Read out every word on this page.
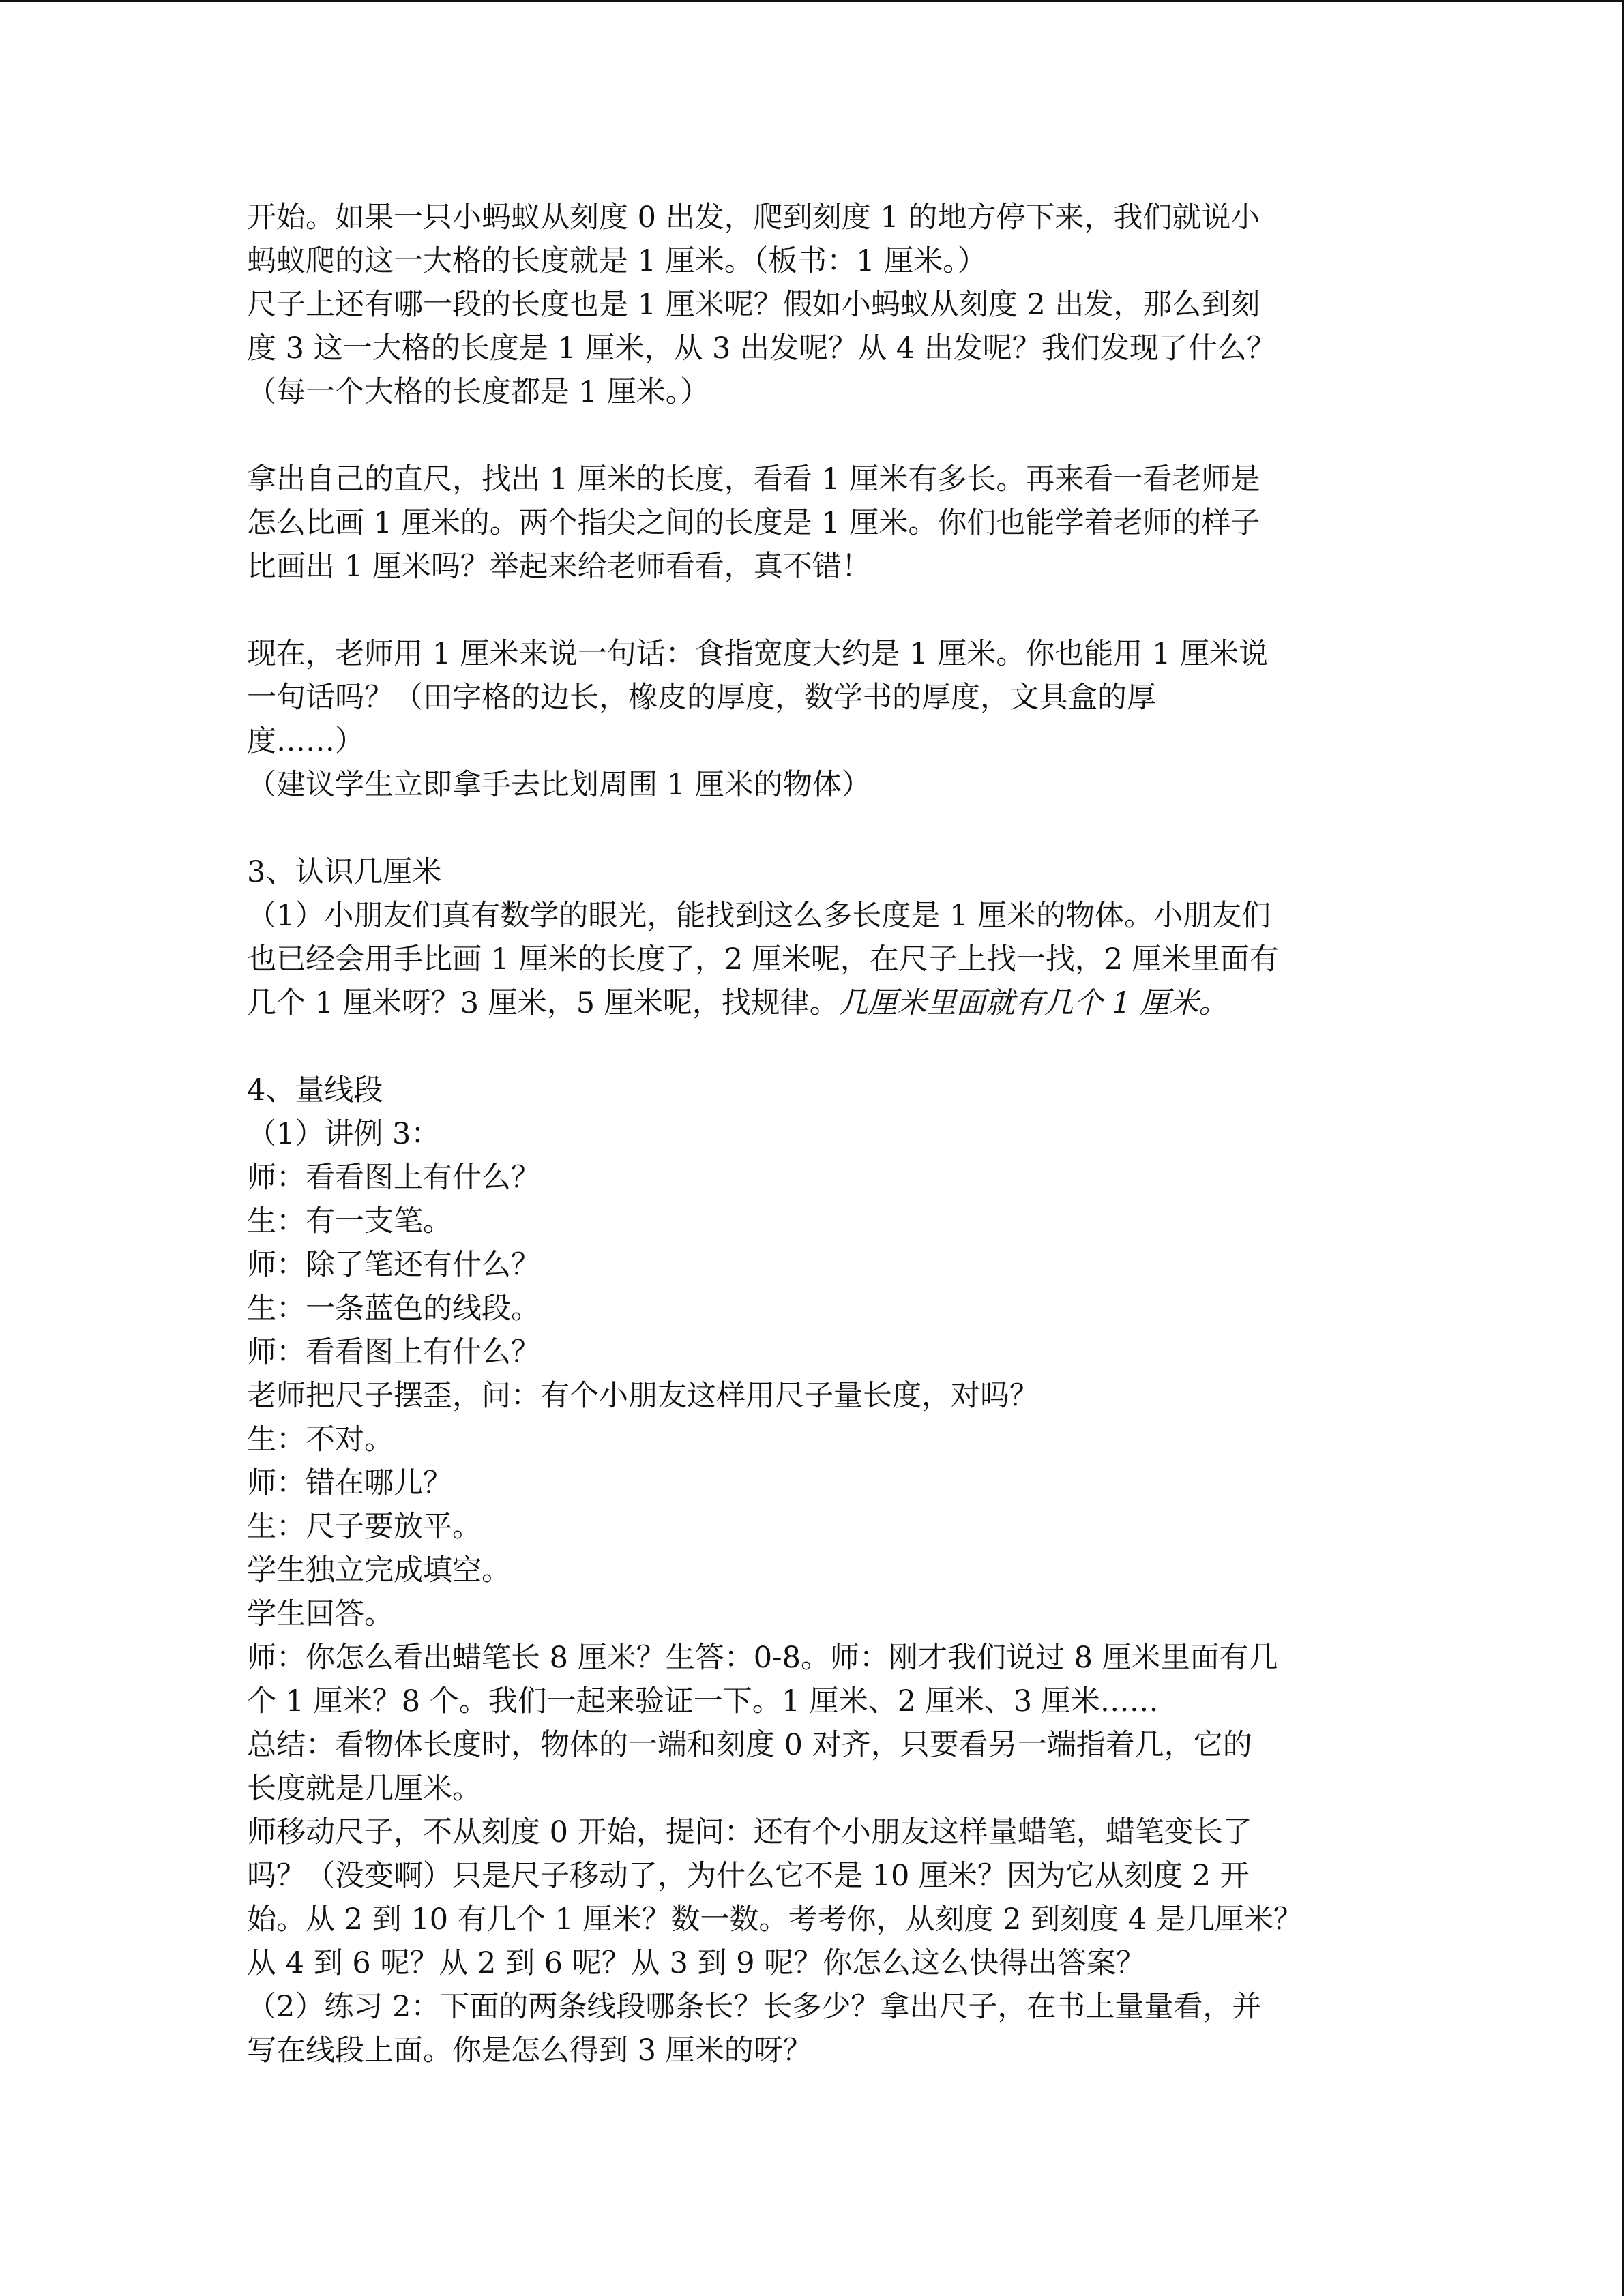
开始。如果一只小蚂蚁从刻度 0 出发，爬到刻度 1 的地方停下来，我们就说小
蚂蚁爬的这一大格的长度就是 1 厘米。（板书：1 厘米。）
尺子上还有哪一段的长度也是 1 厘米呢？假如小蚂蚁从刻度 2 出发，那么到刻
度 3 这一大格的长度是 1 厘米，从 3 出发呢？从 4 出发呢？我们发现了什么？
（每一个大格的长度都是 1 厘米。）
拿出自己的直尺，找出 1 厘米的长度，看看 1 厘米有多长。再来看一看老师是
怎么比画 1 厘米的。两个指尖之间的长度是 1 厘米。你们也能学着老师的样子
比画出 1 厘米吗？举起来给老师看看，真不错！
现在，老师用 1 厘米来说一句话：食指宽度大约是 1 厘米。你也能用 1 厘米说
一句话吗？（田字格的边长，橡皮的厚度，数学书的厚度，文具盒的厚
度……）
（建议学生立即拿手去比划周围 1 厘米的物体）
3、认识几厘米
（1）小朋友们真有数学的眼光，能找到这么多长度是 1 厘米的物体。小朋友们
也已经会用手比画 1 厘米的长度了，2 厘米呢，在尺子上找一找，2 厘米里面有
几个 1 厘米呀？3 厘米，5 厘米呢，找规律。几厘米里面就有几个 1 厘米。
4、量线段
（1）讲例 3：
师：看看图上有什么？
生：有一支笔。
师：除了笔还有什么？
生：一条蓝色的线段。
师：看看图上有什么？
老师把尺子摆歪，问：有个小朋友这样用尺子量长度，对吗？
生：不对。
师：错在哪儿？
生：尺子要放平。
学生独立完成填空。
学生回答。
师：你怎么看出蜡笔长 8 厘米？生答：0-8。师：刚才我们说过 8 厘米里面有几
个 1 厘米？8 个。我们一起来验证一下。1 厘米、2 厘米、3 厘米……
总结：看物体长度时，物体的一端和刻度 0 对齐，只要看另一端指着几，它的
长度就是几厘米。
师移动尺子，不从刻度 0 开始，提问：还有个小朋友这样量蜡笔，蜡笔变长了
吗？（没变啊）只是尺子移动了，为什么它不是 10 厘米？因为它从刻度 2 开
始。从 2 到 10 有几个 1 厘米？数一数。考考你，从刻度 2 到刻度 4 是几厘米？
从 4 到 6 呢？从 2 到 6 呢？从 3 到 9 呢？你怎么这么快得出答案？
（2）练习 2：下面的两条线段哪条长？长多少？拿出尺子，在书上量量看，并
写在线段上面。你是怎么得到 3 厘米的呀？
